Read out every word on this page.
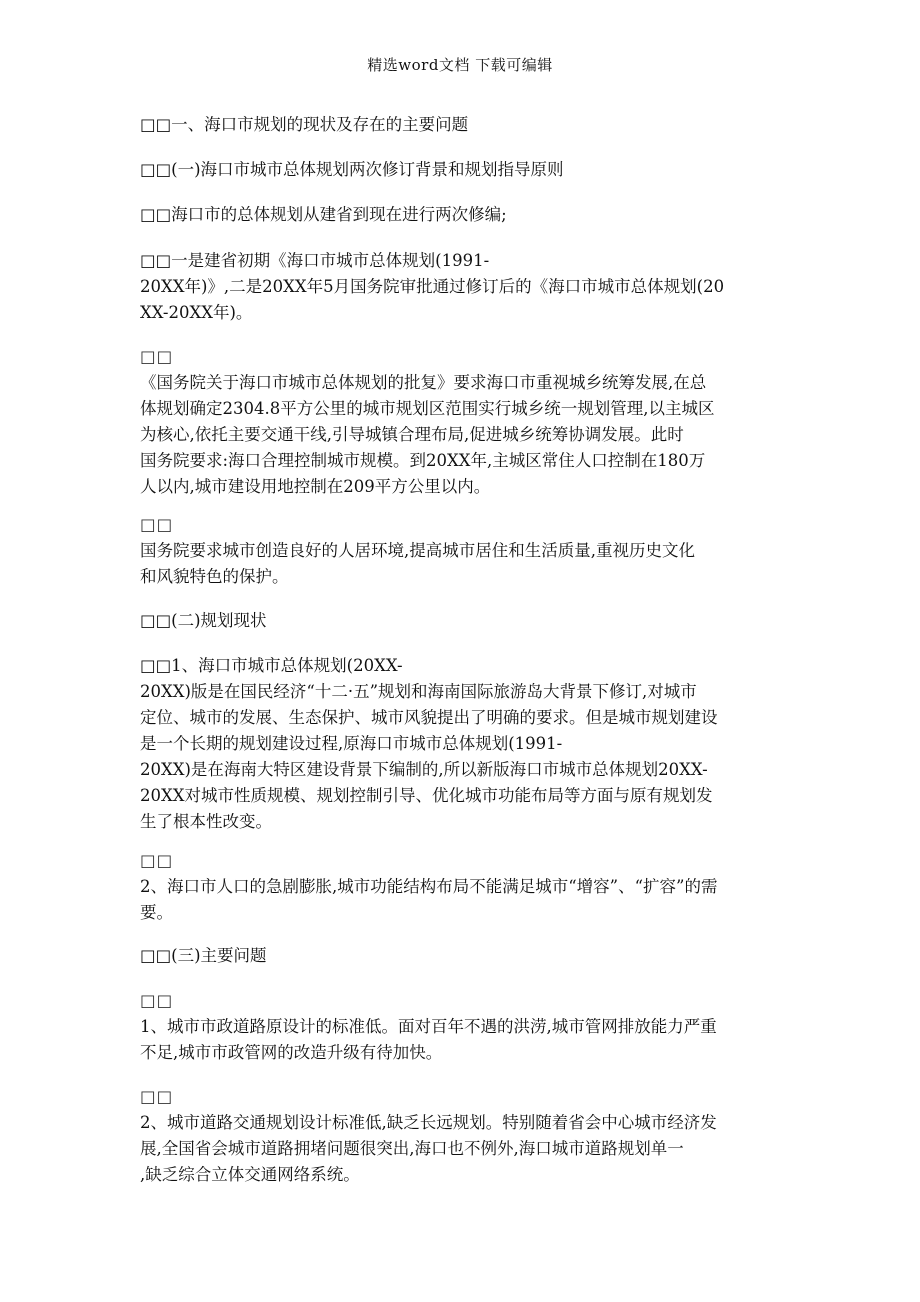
精选word文档 下载可编辑
□□一、海口市规划的现状及存在的主要问题
□□(一)海口市城市总体规划两次修订背景和规划指导原则
□□海口市的总体规划从建省到现在进行两次修编;
□□一是建省初期《海口市城市总体规划(1991-
20XX年)》,二是20XX年5月国务院审批通过修订后的《海口市城市总体规划(20
XX-20XX年)。
□□
《国务院关于海口市城市总体规划的批复》要求海口市重视城乡统筹发展,在总
体规划确定2304.8平方公里的城市规划区范围实行城乡统一规划管理,以主城区
为核心,依托主要交通干线,引导城镇合理布局,促进城乡统筹协调发展。此时
国务院要求:海口合理控制城市规模。到20XX年,主城区常住人口控制在180万
人以内,城市建设用地控制在209平方公里以内。
□□
国务院要求城市创造良好的人居环境,提高城市居住和生活质量,重视历史文化
和风貌特色的保护。
□□(二)规划现状
□□1、海口市城市总体规划(20XX-
20XX)版是在国民经济“十二·五”规划和海南国际旅游岛大背景下修订,对城市
定位、城市的发展、生态保护、城市风貌提出了明确的要求。但是城市规划建设
是一个长期的规划建设过程,原海口市城市总体规划(1991-
20XX)是在海南大特区建设背景下编制的,所以新版海口市城市总体规划20XX-
20XX对城市性质规模、规划控制引导、优化城市功能布局等方面与原有规划发
生了根本性改变。
□□
2、海口市人口的急剧膨胀,城市功能结构布局不能满足城市“增容”、“扩容”的需
要。
□□(三)主要问题
□□
1、城市市政道路原设计的标准低。面对百年不遇的洪涝,城市管网排放能力严重
不足,城市市政管网的改造升级有待加快。
□□
2、城市道路交通规划设计标准低,缺乏长远规划。特别随着省会中心城市经济发
展,全国省会城市道路拥堵问题很突出,海口也不例外,海口城市道路规划单一
,缺乏综合立体交通网络系统。
